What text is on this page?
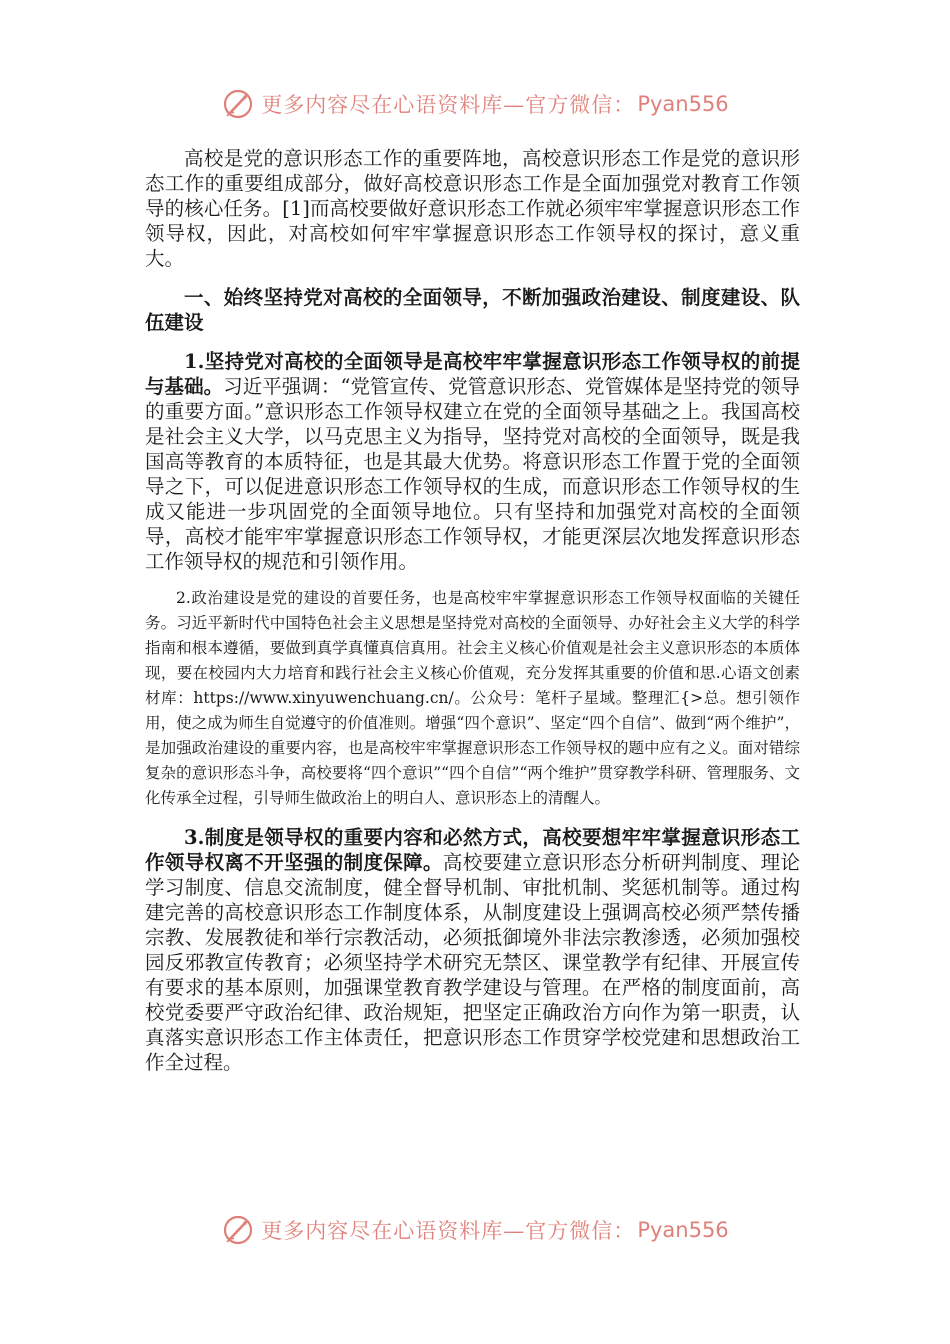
更多内容尽在心语资料库—官方微信： Pyan556

高校是党的意识形态工作的重要阵地，高校意识形态工作是党的意识形态工作的重要组成部分，做好高校意识形态工作是全面加强党对教育工作领导的核心任务。[1]而高校要做好意识形态工作就必须牢牢掌握意识形态工作领导权，因此，对高校如何牢牢掌握意识形态工作领导权的探讨，意义重大。

一、始终坚持党对高校的全面领导，不断加强政治建设、制度建设、队伍建设

1.坚持党对高校的全面领导是高校牢牢掌握意识形态工作领导权的前提与基础。习近平强调：“党管宣传、党管意识形态、党管媒体是坚持党的领导的重要方面。”意识形态工作领导权建立在党的全面领导基础之上。我国高校是社会主义大学，以马克思主义为指导，坚持党对高校的全面领导，既是我国高等教育的本质特征，也是其最大优势。将意识形态工作置于党的全面领导之下，可以促进意识形态工作领导权的生成，而意识形态工作领导权的生成又能进一步巩固党的全面领导地位。只有坚持和加强党对高校的全面领导，高校才能牢牢掌握意识形态工作领导权，才能更深层次地发挥意识形态工作领导权的规范和引领作用。

2.政治建设是党的建设的首要任务，也是高校牢牢掌握意识形态工作领导权面临的关键任务。习近平新时代中国特色社会主义思想是坚持党对高校的全面领导、办好社会主义大学的科学指南和根本遵循，要做到真学真懂真信真用。社会主义核心价值观是社会主义意识形态的本质体现，要在校园内大力培育和践行社会主义核心价值观，充分发挥其重要的价值和思.心语文创素材库：https://www.xinyuwenchuang.cn/。公众号：笔杆子星域。整理汇{>总。想引领作用，使之成为师生自觉遵守的价值准则。增强“四个意识”、坚定“四个自信”、做到“两个维护”，是加强政治建设的重要内容，也是高校牢牢掌握意识形态工作领导权的题中应有之义。面对错综复杂的意识形态斗争，高校要将“四个意识”“四个自信”“两个维护”贯穿教学科研、管理服务、文化传承全过程，引导师生做政治上的明白人、意识形态上的清醒人。

3.制度是领导权的重要内容和必然方式，高校要想牢牢掌握意识形态工作领导权离不开坚强的制度保障。高校要建立意识形态分析研判制度、理论学习制度、信息交流制度，健全督导机制、审批机制、奖惩机制等。通过构建完善的高校意识形态工作制度体系，从制度建设上强调高校必须严禁传播宗教、发展教徒和举行宗教活动，必须抵御境外非法宗教渗透，必须加强校园反邪教宣传教育；必须坚持学术研究无禁区、课堂教学有纪律、开展宣传有要求的基本原则，加强课堂教育教学建设与管理。在严格的制度面前，高校党委要严守政治纪律、政治规矩，把坚定正确政治方向作为第一职责，认真落实意识形态工作主体责任，把意识形态工作贯穿学校党建和思想政治工作全过程。

更多内容尽在心语资料库—官方微信： Pyan556
